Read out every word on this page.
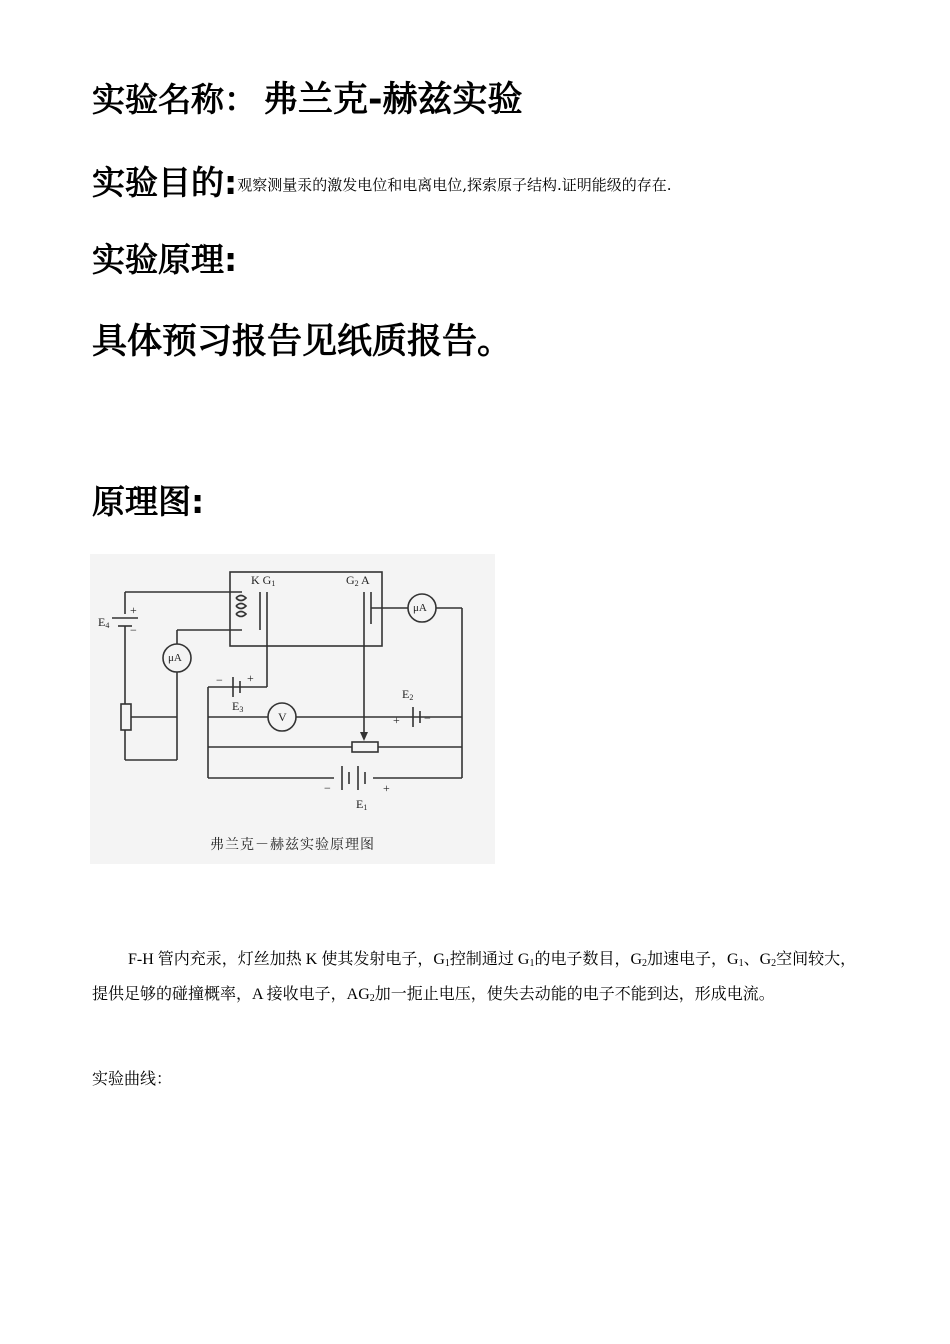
实验名称： 弗兰克-赫兹实验
实验目的:观察测量汞的激发电位和电离电位,探索原子结构.证明能级的存在.
实验原理:
具体预习报告见纸质报告。
原理图:
K $G_1$	$G_2$ A
$E_4$
+
−
μA
− +
$E_3$
V
$E_2$
+ −
μA
−	+
$E_1$
弗兰克－赫兹实验原理图

F-H 管内充汞，灯丝加热 K 使其发射电子，$G_1$控制通过 $G_1$的电子数目，$G_2$加速电子，$G_1$、$G_2$空间较大，提供足够的碰撞概率，A 接收电子，$AG_2$加一扼止电压，使失去动能的电子不能到达，形成电流。

实验曲线：
